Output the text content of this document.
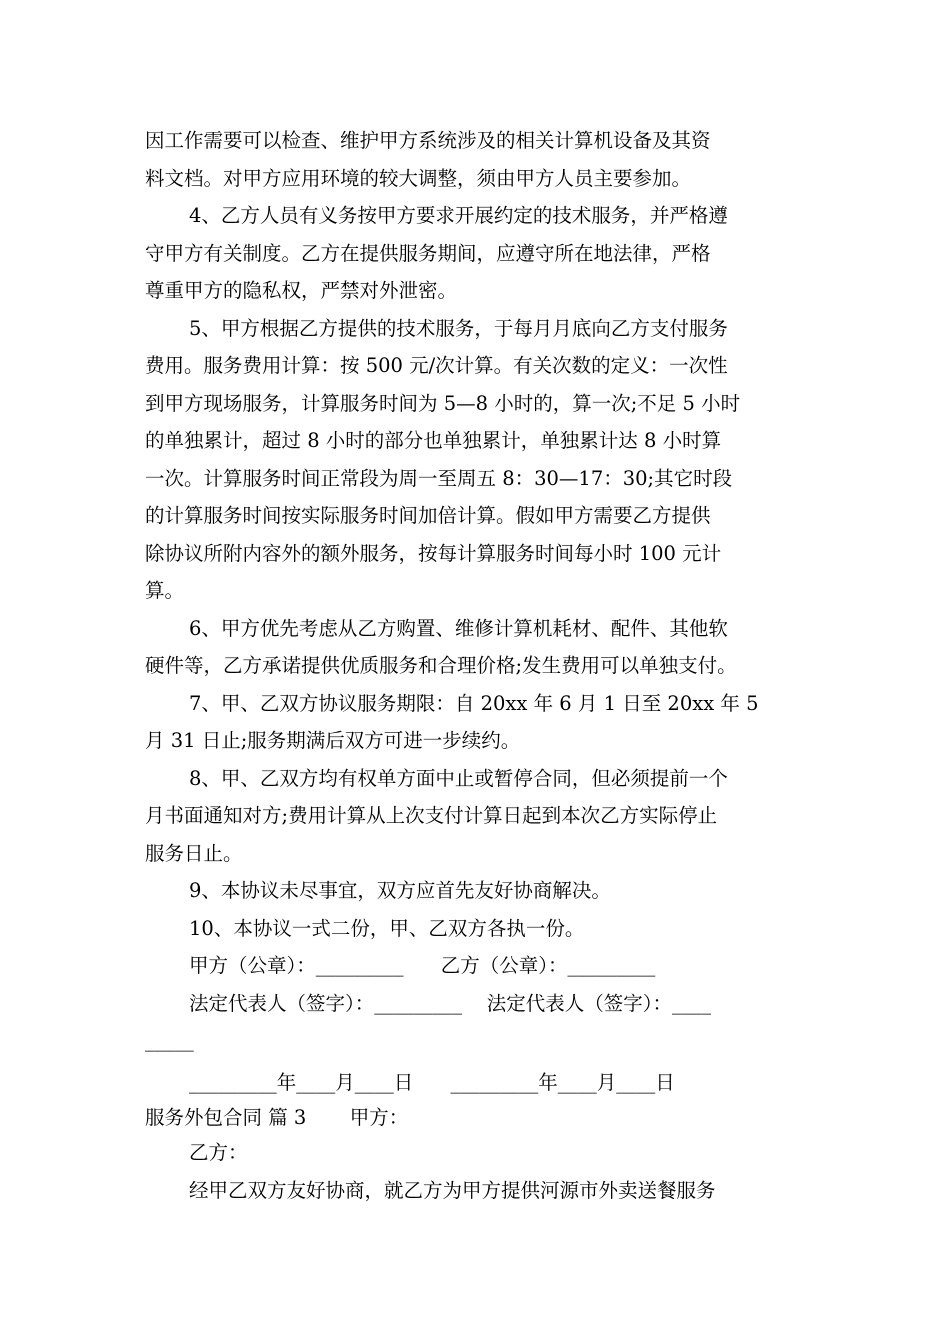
因工作需要可以检查、维护甲方系统涉及的相关计算机设备及其资
料文档。对甲方应用环境的较大调整，须由甲方人员主要参加。
4、乙方人员有义务按甲方要求开展约定的技术服务，并严格遵
守甲方有关制度。乙方在提供服务期间，应遵守所在地法律，严格
尊重甲方的隐私权，严禁对外泄密。
5、甲方根据乙方提供的技术服务，于每月月底向乙方支付服务
费用。服务费用计算：按 500 元/次计算。有关次数的定义：一次性
到甲方现场服务，计算服务时间为 5—8 小时的，算一次;不足 5 小时
的单独累计，超过 8 小时的部分也单独累计，单独累计达 8 小时算
一次。计算服务时间正常段为周一至周五 8：30—17：30;其它时段
的计算服务时间按实际服务时间加倍计算。假如甲方需要乙方提供
除协议所附内容外的额外服务，按每计算服务时间每小时 100 元计
算。
6、甲方优先考虑从乙方购置、维修计算机耗材、配件、其他软
硬件等，乙方承诺提供优质服务和合理价格;发生费用可以单独支付。
7、甲、乙双方协议服务期限：自 20xx 年 6 月 1 日至 20xx 年 5
月 31 日止;服务期满后双方可进一步续约。
8、甲、乙双方均有权单方面中止或暂停合同，但必须提前一个
月书面通知对方;费用计算从上次支付计算日起到本次乙方实际停止
服务日止。
9、本协议未尽事宜，双方应首先友好协商解决。
10、本协议一式二份，甲、乙双方各执一份。
甲方（公章）：_________      乙方（公章）：_________
法定代表人（签字）：_________    法定代表人（签字）：____
_____
_________年____月____日      _________年____月____日
服务外包合同 篇 3       甲方：
乙方：
经甲乙双方友好协商，就乙方为甲方提供河源市外卖送餐服务
